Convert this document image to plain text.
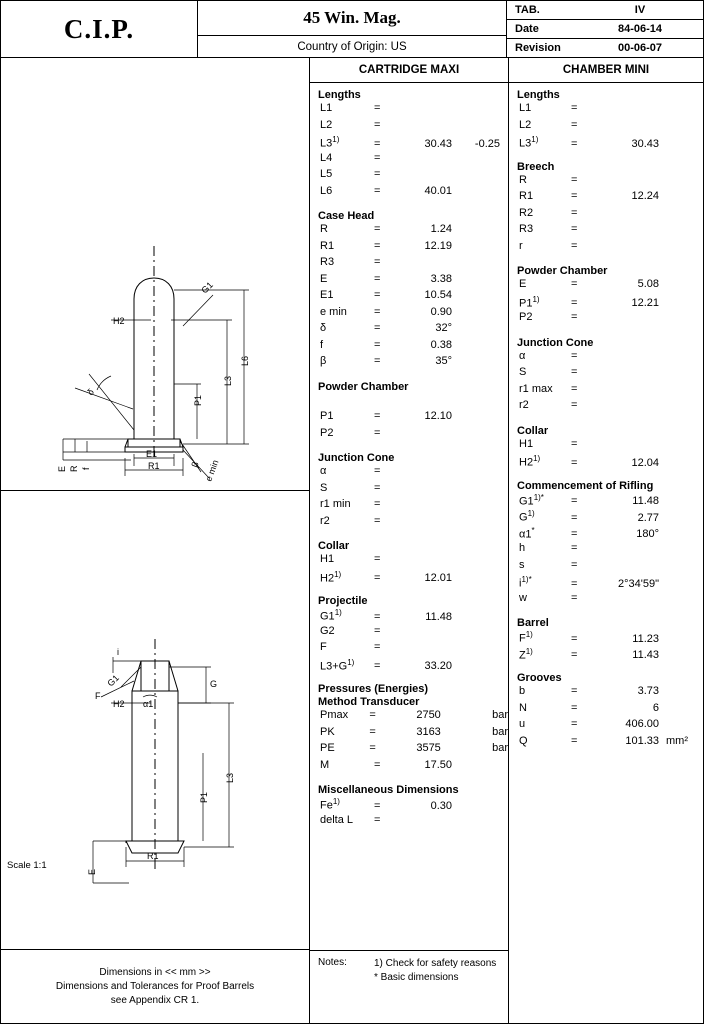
C.I.P.	45 Win. Mag.
Country of Origin: US
TAB.	IV
Date	84-06-14
Revision	00-06-07
G1
H2
L6
L3
P1
E1
R1
E R f
δ
β e min
i
G
G1
F
H2 α1
L3
P1
R1
E
Scale 1:1
Dimensions in << mm >>
Dimensions and Tolerances for Proof Barrels
see Appendix CR 1.
CARTRIDGE MAXI
Lengths
L1	=
L2	=
$L3^{1)}$	=	30.43	-0.25
L4	=
L5	=
L6	=	40.01
Case Head
R	=	1.24
R1	=	12.19
R3	=
E	=	3.38
E1	=	10.54
e min	=	0.90
δ	=	32°
f	=	0.38
β	=	35°
Powder Chamber
P1	=	12.10
P2	=
Junction Cone
α	=
S	=
r1 min	=
r2	=
Collar
H1	=
$H2^{1)}$	=	12.01
Projectile
$G1^{1)}$	=	11.48
G2	=
F	=
$L3+G^{1)}$	=	33.20
Pressures (Energies)
Method Transducer
Pmax	=	2750	bar
PK	=	3163	bar
PE	=	3575	bar
M	=	17.50
Miscellaneous Dimensions
$Fe^{1)}$	=	0.30
delta L	=
Notes:	1) Check for safety reasons
* Basic dimensions
CHAMBER MINI
Lengths
L1	=
L2	=
$L3^{1)}$	=	30.43
Breech
R	=
R1	=	12.24
R2	=
R3	=
r	=
Powder Chamber
E	=	5.08
$P1^{1)}$	=	12.21
P2	=
Junction Cone
α	=
S	=
r1 max	=
r2	=
Collar
H1	=
$H2^{1)}$	=	12.04
Commencement of Rifling
$G1^{1)*}$	=	11.48
$G^{1)}$	=	2.77
α1*	=	180°
h	=
s	=
$i^{1)*}$	=	2°34'59"
w	=
Barrel
$F^{1)}$	=	11.23
$Z^{1)}$	=	11.43
Grooves
b	=	3.73
N	=	6
u	=	406.00
Q	=	101.33 mm²
